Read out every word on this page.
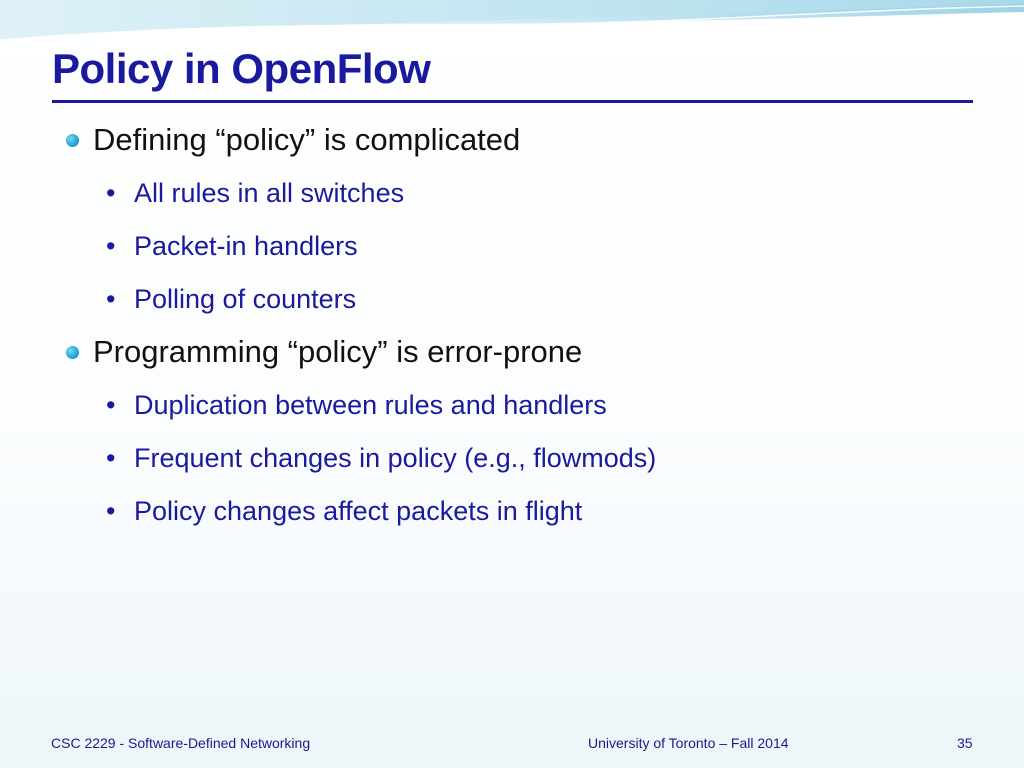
Policy in OpenFlow
Defining “policy” is complicated
• All rules in all switches
• Packet-in handlers
• Polling of counters
Programming “policy” is error-prone
• Duplication between rules and handlers
• Frequent changes in policy (e.g., flowmods)
• Policy changes affect packets in flight
CSC 2229 - Software-Defined Networking	University of Toronto – Fall 2014	35
